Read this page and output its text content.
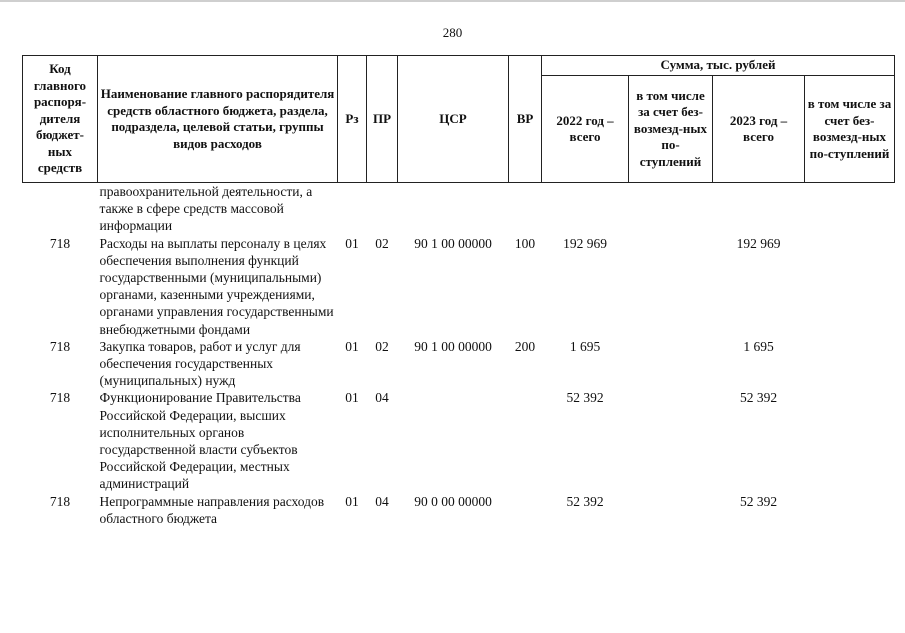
280
Код главного распоря-дителя бюджет-ных средств	Наименование главного распорядителя средств областного бюджета, раздела, подраздела, целевой статьи, группы видов расходов	Рз	ПР	ЦСР	ВР	Сумма, тыс. рублей			
						2022 год – всего	в том числе за счет без-возмезд-ных по-ступлений	2023 год – всего	в том числе за счет без-возмезд-ных по-ступлений
	правоохранительной деятельности, а также в сфере средств массовой информации								
718	Расходы на выплаты персоналу в целях обеспечения выполнения функций государственными (муниципальными) органами, казенными учреждениями, органами управления государственными внебюджетными фондами	01	02	90 1 00 00000	100	192 969		192 969	
718	Закупка товаров, работ и услуг для обеспечения государственных (муниципальных) нужд	01	02	90 1 00 00000	200	1 695		1 695	
718	Функционирование Правительства Российской Федерации, высших исполнительных органов государственной власти субъектов Российской Федерации, местных администраций	01	04			52 392		52 392	
718	Непрограммные направления расходов областного бюджета	01	04	90 0 00 00000		52 392		52 392	
